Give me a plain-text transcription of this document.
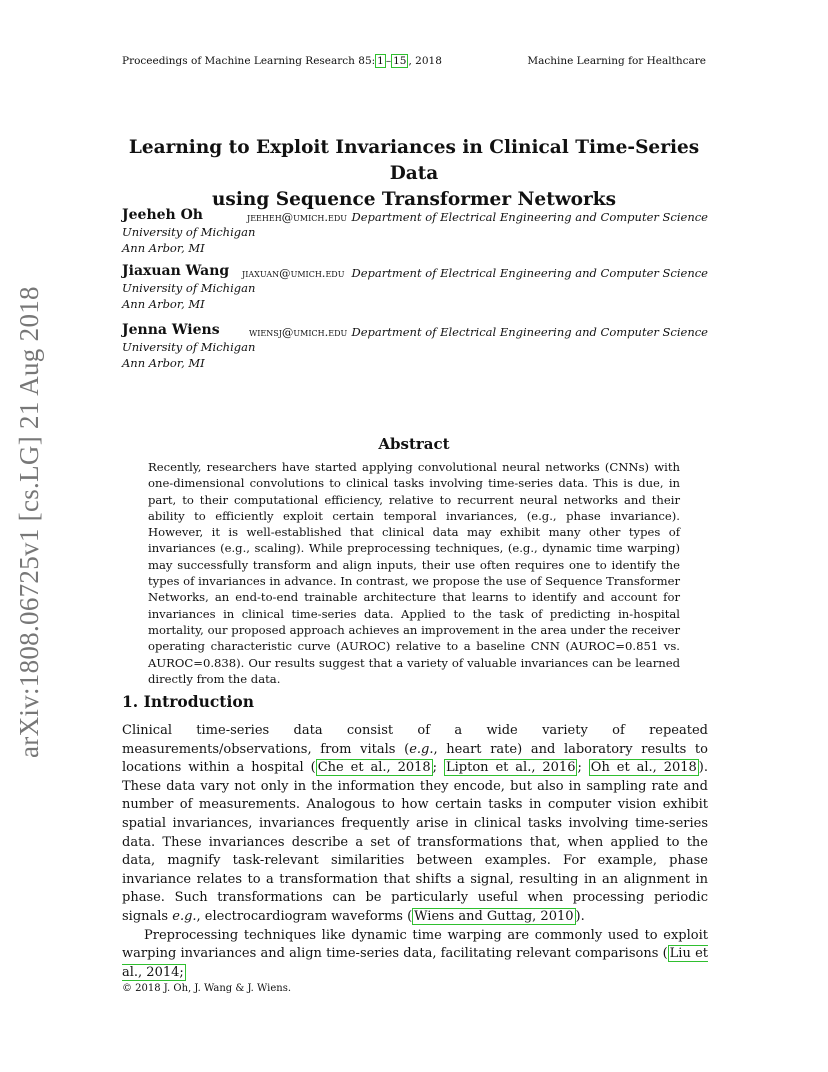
Proceedings of Machine Learning Research 85: 1 – 15 , 2018	Machine Learning for Healthcare
Learning to Exploit Invariances in Clinical Time-Series Data
using Sequence Transformer Networks
Jeeheh Oh	jeeheh@umich.edu Department of Electrical Engineering and Computer Science
University of Michigan
Ann Arbor, MI
Jiaxuan Wang jiaxuan@umich.edu Department of Electrical Engineering and Computer Science
University of Michigan
Ann Arbor, MI
Jenna Wiens	wiensj@umich.edu Department of Electrical Engineering and Computer Science
University of Michigan
Ann Arbor, MI
arXiv:1808.06725v1 [cs.LG] 21 Aug 2018	Abstract
Recently, researchers have started applying convolutional neural networks (CNNs) with one-dimensional convolutions to clinical tasks involving time-series data. This is due, in part, to their computational efficiency, relative to recurrent neural networks and their ability to efficiently exploit certain temporal invariances, (e.g., phase invariance). However, it is well-established that clinical data may exhibit many other types of invariances (e.g., scaling). While preprocessing techniques, (e.g., dynamic time warping) may successfully transform and align inputs, their use often requires one to identify the types of invariances in advance. In contrast, we propose the use of Sequence Transformer Networks, an end-to-end trainable architecture that learns to identify and account for invariances in clinical time-series data. Applied to the task of predicting in-hospital mortality, our proposed approach achieves an improvement in the area under the receiver operating characteristic curve (AUROC) relative to a baseline CNN (AUROC=0.851 vs. AUROC=0.838). Our results suggest that a variety of valuable invariances can be learned directly from the data.
1. Introduction

Clinical time-series data consist of a wide variety of repeated measurements/observations, from vitals (e.g., heart rate) and laboratory results to locations within a hospital ( Che et al., 2018 ; Lipton et al., 2016 ; Oh et al., 2018 ). These data vary not only in the information they encode, but also in sampling rate and number of measurements. Analogous to how certain tasks in computer vision exhibit spatial invariances, invariances frequently arise in clinical tasks involving time-series data. These invariances describe a set of transformations that, when applied to the data, magnify task-relevant similarities between examples. For example, phase invariance relates to a transformation that shifts a signal, resulting in an alignment in phase. Such transformations can be particularly useful when processing periodic signals e.g., electrocardiogram waveforms ( Wiens and Guttag, 2010 ).

Preprocessing techniques like dynamic time warping are commonly used to exploit warping invariances and align time-series data, facilitating relevant comparisons ( Liu et al., 2014;

© 2018 J. Oh, J. Wang & J. Wiens.
